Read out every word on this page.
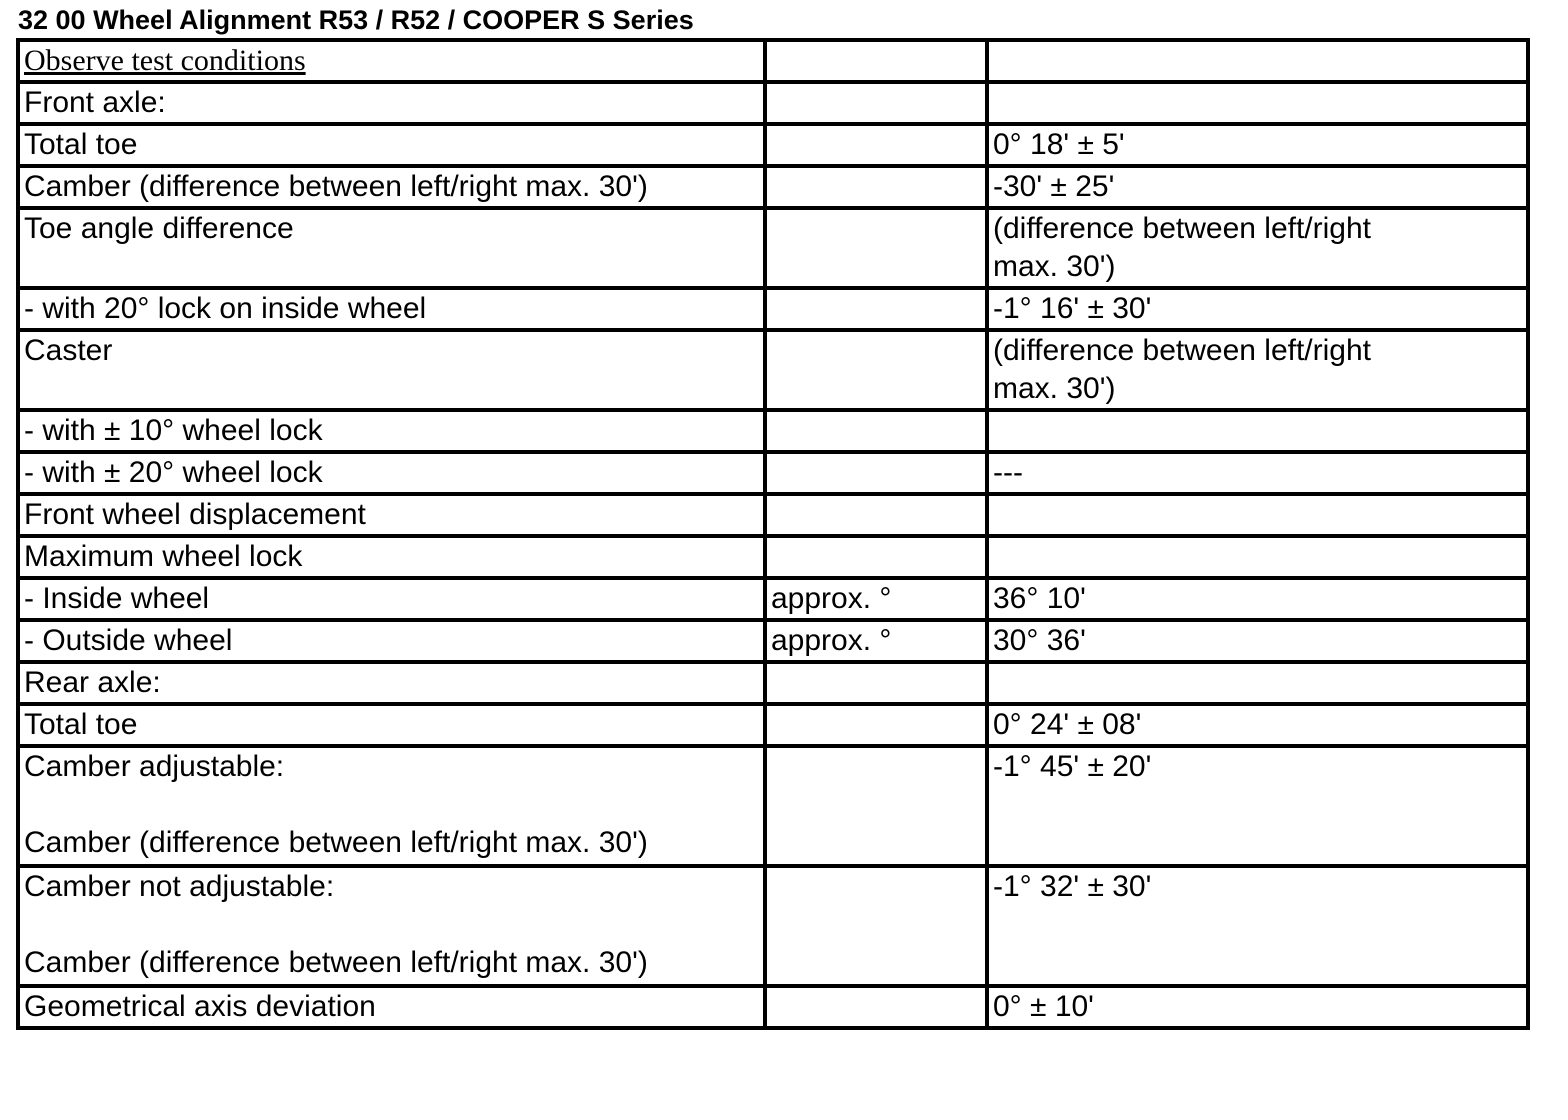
32 00 Wheel Alignment R53 / R52 / COOPER S Series
Observe test conditions		
Front axle:		
Total toe		0° 18' ± 5'
Camber (difference between left/right max. 30')		-30' ± 25'
Toe angle difference		(difference between left/right
max. 30')
- with 20° lock on inside wheel		-1° 16' ± 30'
Caster		(difference between left/right
max. 30')
- with ± 10° wheel lock		
- with ± 20° wheel lock		---
Front wheel displacement		
Maximum wheel lock		
- Inside wheel	approx. °	36° 10'
- Outside wheel	approx. °	30° 36'
Rear axle:		
Total toe		0° 24' ± 08'
Camber adjustable:

Camber (difference between left/right max. 30')		-1° 45' ± 20'
Camber not adjustable:

Camber (difference between left/right max. 30')		-1° 32' ± 30'
Geometrical axis deviation		0° ± 10'
